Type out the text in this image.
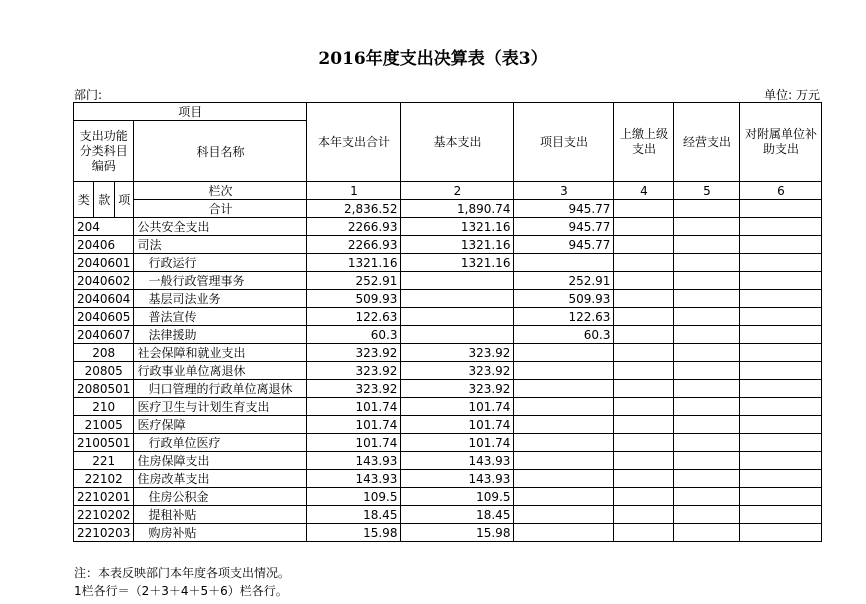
2016年度支出决算表（表3）
部门:	单位: 万元
项目				本年支出合计	基本支出	项目支出	上缴上级支出	经营支出	对附属单位补助支出
支出功能分类科目编码			科目名称						

类	款	项	栏次	1	2	3	4	5	6
			合计	2,836.52	1,890.74	945.77			
204			公共安全支出	2266.93	1321.16	945.77			
20406			司法	2266.93	1321.16	945.77			
2040601			行政运行	1321.16	1321.16				
2040602			一般行政管理事务	252.91		252.91			
2040604			基层司法业务	509.93		509.93			
2040605			普法宣传	122.63		122.63			
2040607			法律援助	60.3		60.3			
208			社会保障和就业支出	323.92	323.92				
20805			行政事业单位离退休	323.92	323.92				
2080501			归口管理的行政单位离退休	323.92	323.92				
210			医疗卫生与计划生育支出	101.74	101.74				
21005			医疗保障	101.74	101.74				
2100501			行政单位医疗	101.74	101.74				
221			住房保障支出	143.93	143.93				
22102			住房改革支出	143.93	143.93				
2210201			住房公积金	109.5	109.5				
2210202			提租补贴	18.45	18.45				
2210203			购房补贴	15.98	15.98				
注：本表反映部门本年度各项支出情况。
1栏各行＝（2＋3＋4＋5＋6）栏各行。
